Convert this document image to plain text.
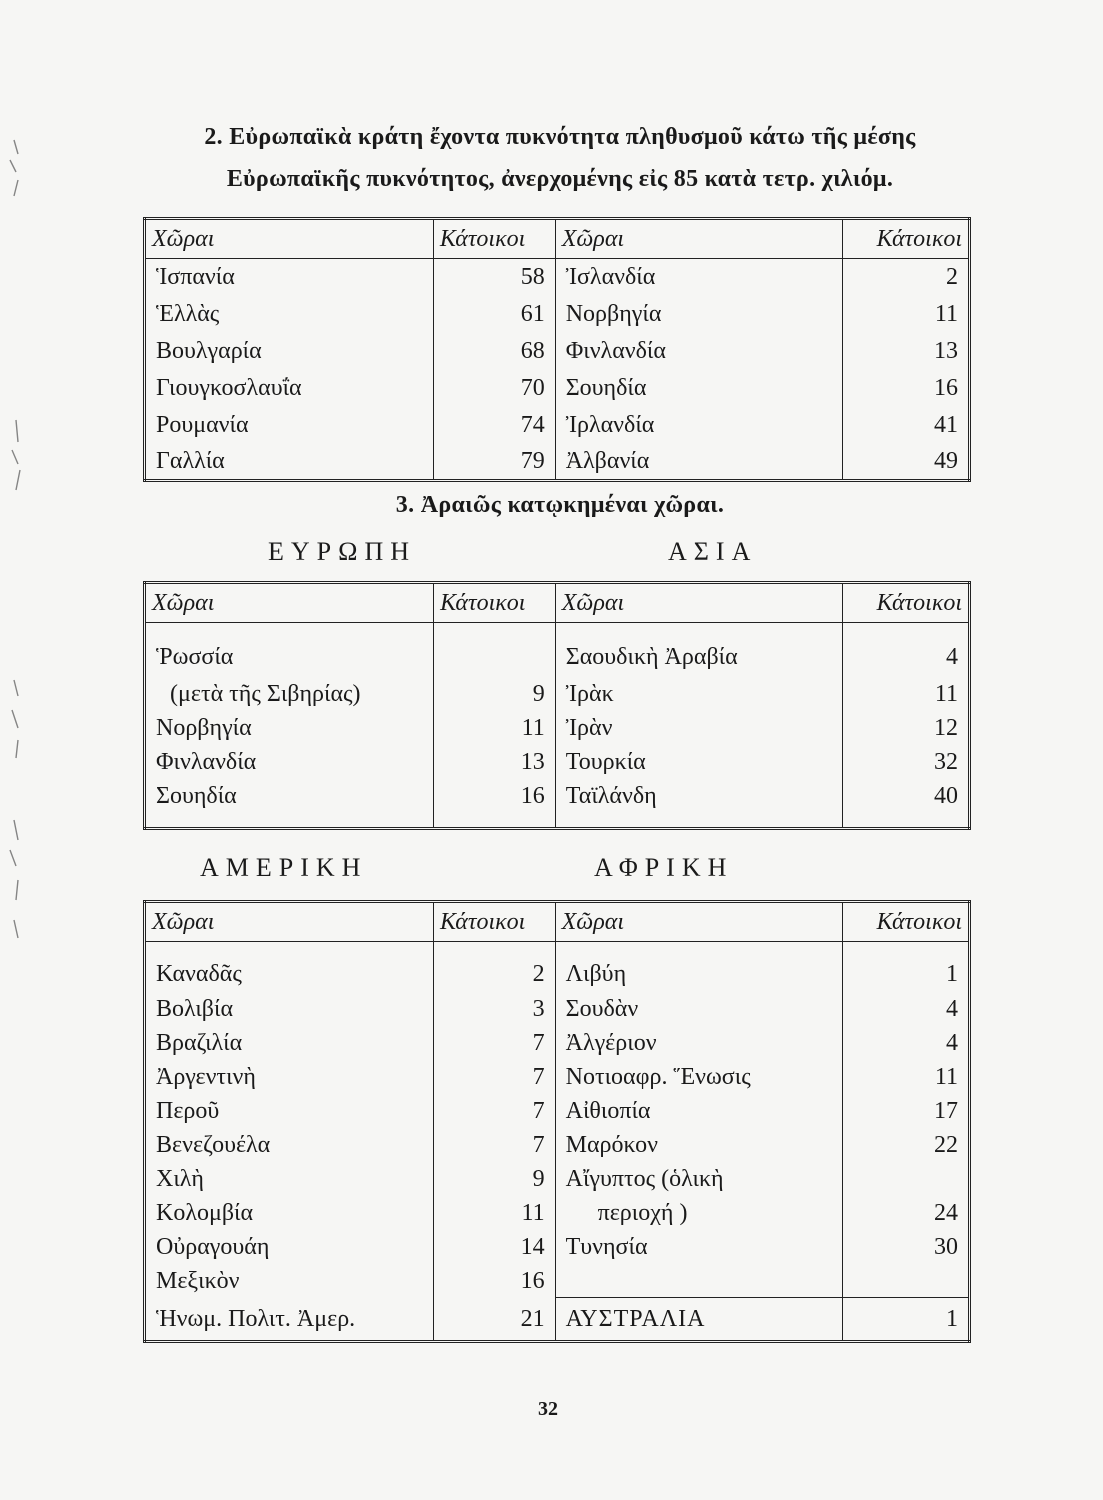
2. Εὐρωπαϊκὰ κράτη ἔχοντα πυκνότητα πληθυσμοῦ κάτω τῆς μέσης
Εὐρωπαϊκῆς πυκνότητος, ἀνερχομένης εἰς 85 κατὰ τετρ. χιλιόμ.
Χῶραι	Κάτοικοι	Χῶραι	Κάτοικοι
Ἱσπανία	58	Ἰσλανδία	2
Ἑλλὰς	61	Νορβηγία	11
Βουλγαρία	68	Φινλανδία	13
Γιουγκοσλαυΐα	70	Σουηδία	16
Ρουμανία	74	Ἰρλανδία	41
Γαλλία	79	Ἀλβανία	49
3. Ἀραιῶς κατῳκημέναι χῶραι.
ΕΥΡΩΠΗ	ΑΣΙΑ
Χῶραι	Κάτοικοι	Χῶραι	Κάτοικοι
Ῥωσσία		Σαουδικὴ Ἀραβία	4
(μετὰ τῆς Σιβηρίας)	9	Ἰρὰκ	11
Νορβηγία	11	Ἰρὰν	12
Φινλανδία	13	Τουρκία	32
Σουηδία	16	Ταϊλάνδη	40
ΑΜΕΡΙΚΗ	ΑΦΡΙΚΗ
Χῶραι	Κάτοικοι	Χῶραι	Κάτοικοι
Καναδᾶς	2	Λιβύη	1
Βολιβία	3	Σουδὰν	4
Βραζιλία	7	Ἀλγέριον	4
Ἀργεντινὴ	7	Νοτιοαφρ. Ἕνωσις	11
Περοῦ	7	Αἰθιοπία	17
Βενεζουέλα	7	Μαρόκον	22
Χιλὴ	9	Αἴγυπτος (ὁλικὴ	
Κολομβία	11	περιοχή )	24
Οὐραγουάη	14	Τυνησία	30
Μεξικὸν	16		
Ἡνωμ. Πολιτ. Ἀμερ.	21	ΑΥΣΤΡΑΛΙΑ	1
32
